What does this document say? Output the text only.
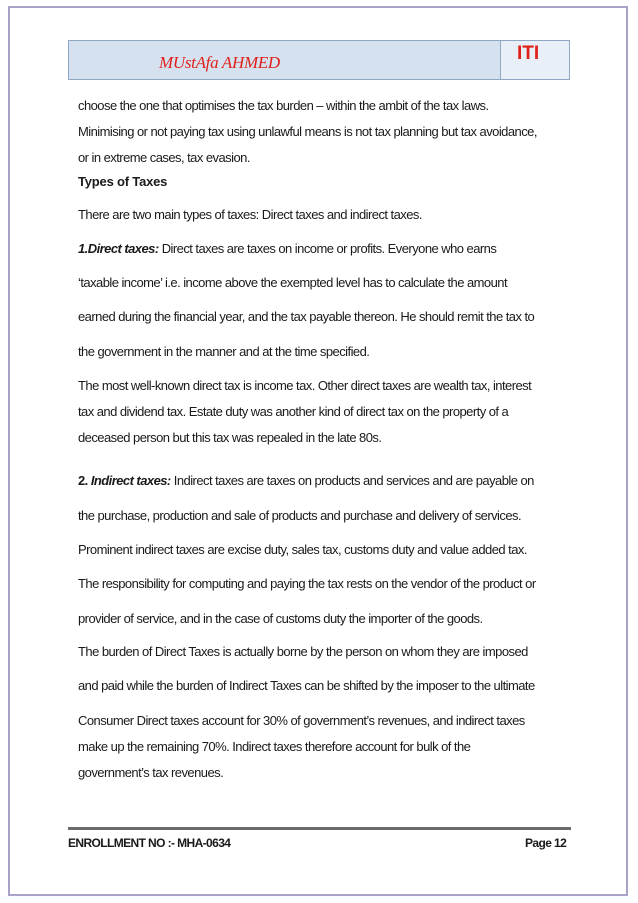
MUstAfa AHMED	ITI
choose the one that optimises the tax burden – within the ambit of the tax laws.
Minimising or not paying tax using unlawful means is not tax planning but tax avoidance,
or in extreme cases, tax evasion.
Types of Taxes
There are two main types of taxes: Direct taxes and indirect taxes.
1.Direct taxes: Direct taxes are taxes on income or profits. Everyone who earns
‘taxable income’ i.e. income above the exempted level has to calculate the amount
earned during the financial year, and the tax payable thereon. He should remit the tax to
the government in the manner and at the time specified.
The most well-known direct tax is income tax. Other direct taxes are wealth tax, interest
tax and dividend tax. Estate duty was another kind of direct tax on the property of a
deceased person but this tax was repealed in the late 80s.
2. Indirect taxes: Indirect taxes are taxes on products and services and are payable on
the purchase, production and sale of products and purchase and delivery of services.
Prominent indirect taxes are excise duty, sales tax, customs duty and value added tax.
The responsibility for computing and paying the tax rests on the vendor of the product or
provider of service, and in the case of customs duty the importer of the goods.
The burden of Direct Taxes is actually borne by the person on whom they are imposed
and paid while the burden of Indirect Taxes can be shifted by the imposer to the ultimate
Consumer Direct taxes account for 30% of government’s revenues, and indirect taxes
make up the remaining 70%. Indirect taxes therefore account for bulk of the
government’s tax revenues.
ENROLLMENT NO :- MHA-0634	Page 12
